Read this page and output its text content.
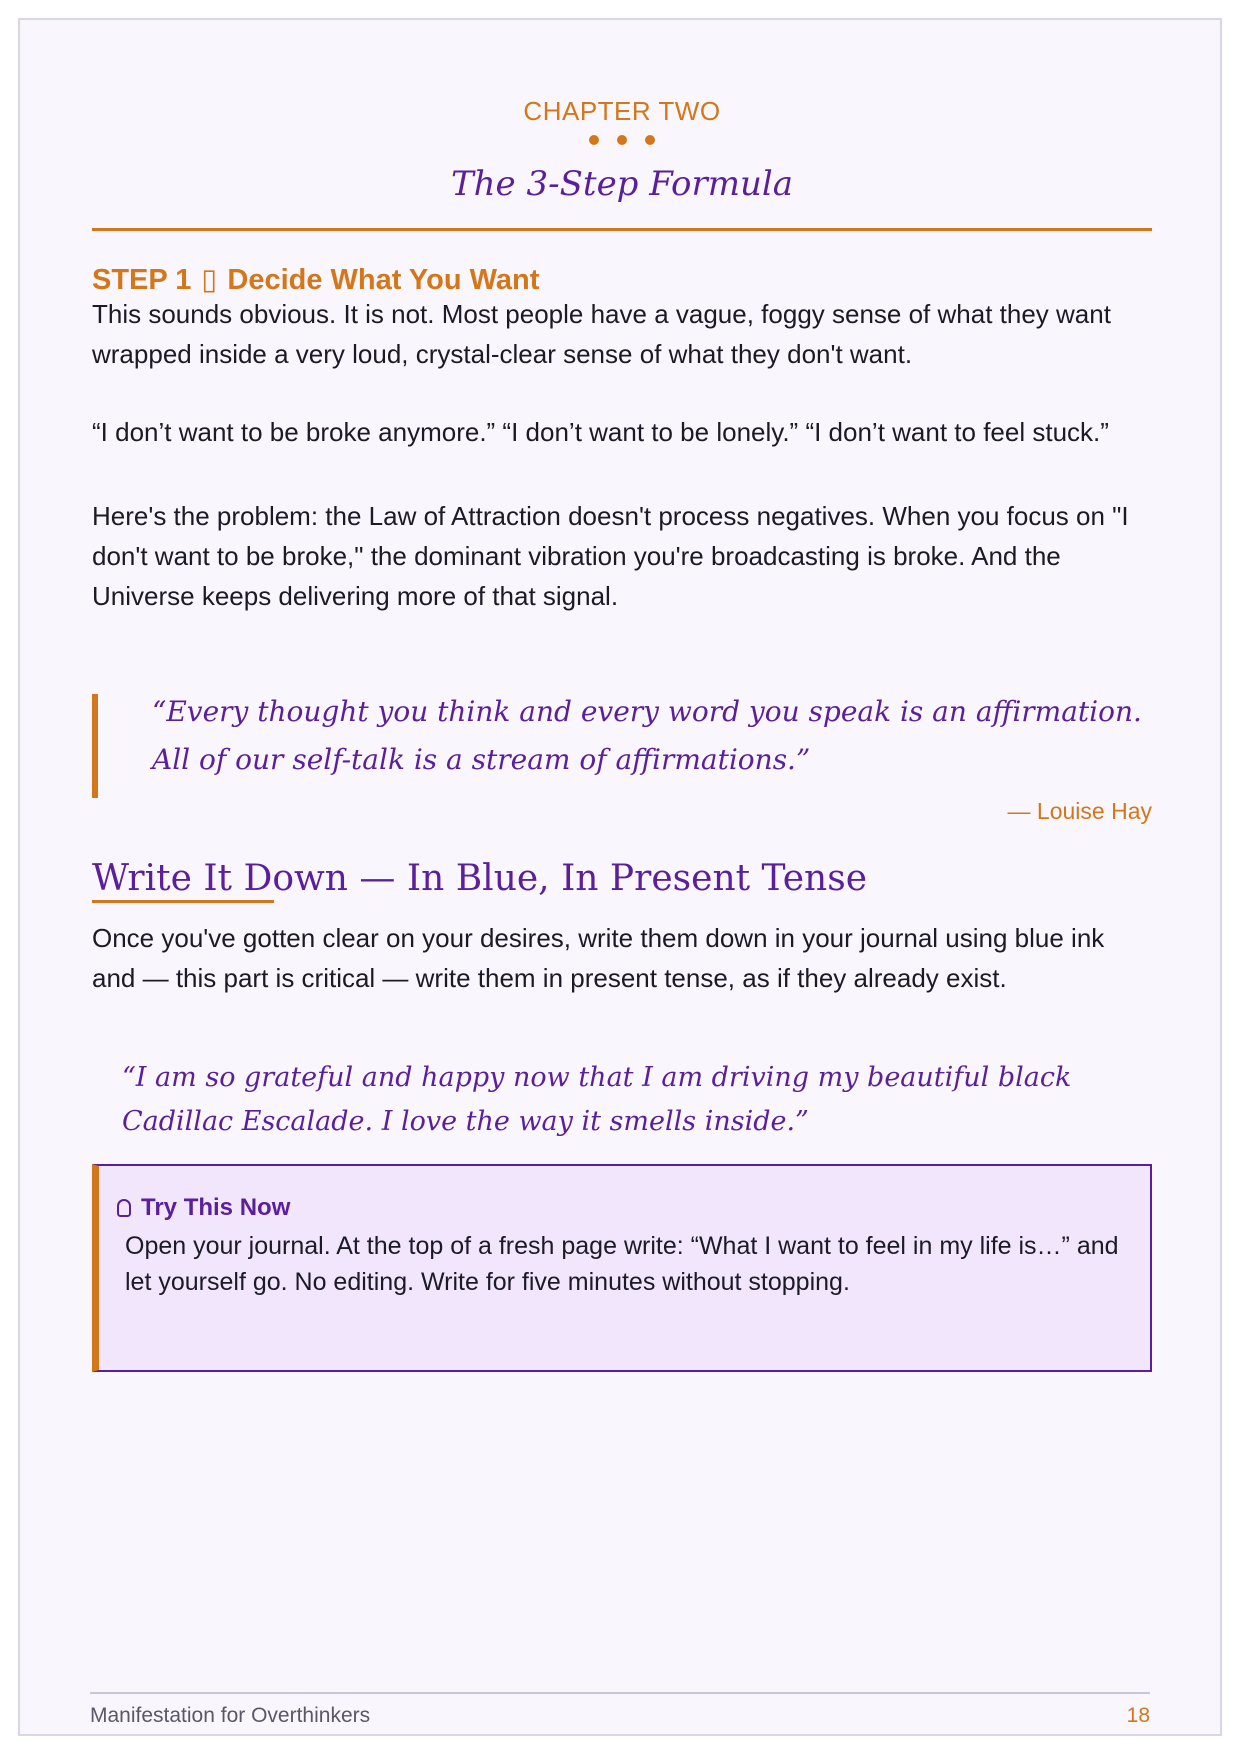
CHAPTER TWO
The 3-Step Formula
STEP 1 ▯ Decide What You Want

This sounds obvious. It is not. Most people have a vague, foggy sense of what they want wrapped inside a very loud, crystal-clear sense of what they don't want.

“I don’t want to be broke anymore.” “I don’t want to be lonely.” “I don’t want to feel stuck.”

Here's the problem: the Law of Attraction doesn't process negatives. When you focus on "I don't want to be broke," the dominant vibration you're broadcasting is broke. And the Universe keeps delivering more of that signal.

“Every thought you think and every word you speak is an affirmation. All of our self-talk is a stream of affirmations.”
— Louise Hay
Write It Down — In Blue, In Present Tense

Once you've gotten clear on your desires, write them down in your journal using blue ink and — this part is critical — write them in present tense, as if they already exist.

“I am so grateful and happy now that I am driving my beautiful black Cadillac Escalade. I love the way it smells inside.”
Try This Now
Open your journal. At the top of a fresh page write: “What I want to feel in my life is…” and let yourself go. No editing. Write for five minutes without stopping.
Manifestation for Overthinkers	18
